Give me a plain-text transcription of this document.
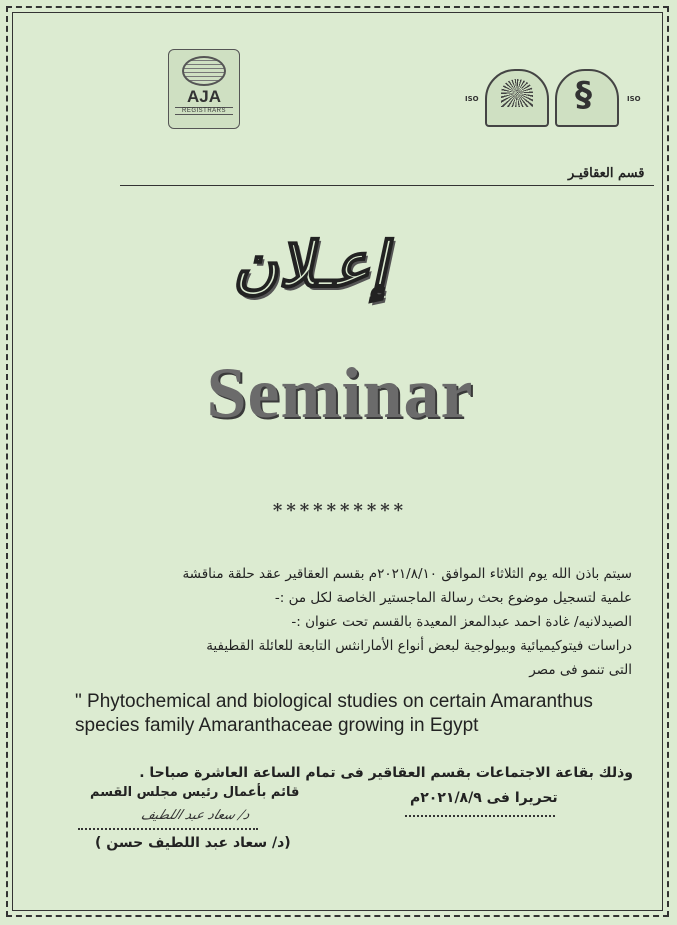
AJA
REGISTRARS
ISO	§	ISO
قسم العقاقيـر
إعـلان
Seminar
**********
سيتم باذن الله يوم الثلاثاء الموافق ٢٠٢١/٨/١٠م بقسم العقاقير عقد حلقة مناقشة
علمية لتسجيل موضوع بحث رسالة الماجستير الخاصة لكل من :-
الصيدلانيه/ غادة احمد عبدالمعز المعيدة بالقسم تحت عنوان :-
دراسات فيتوكيميائية وبيولوجية لبعض أنواع الأمارانثس التابعة للعائلة القطيفية
التى تنمو فى مصر
" Phytochemical and biological studies on certain Amaranthus
species family Amaranthaceae growing in Egypt
وذلك بقاعة الاجتماعات بقسم العقاقير فى تمام الساعة العاشرة صباحا .
قائم بأعمال رئيس مجلس القسم	تحريرا فى ٢٠٢١/٨/٩م
د/ سعاد عبد اللطيف
(د/ سعاد عبد اللطيف حسن )
